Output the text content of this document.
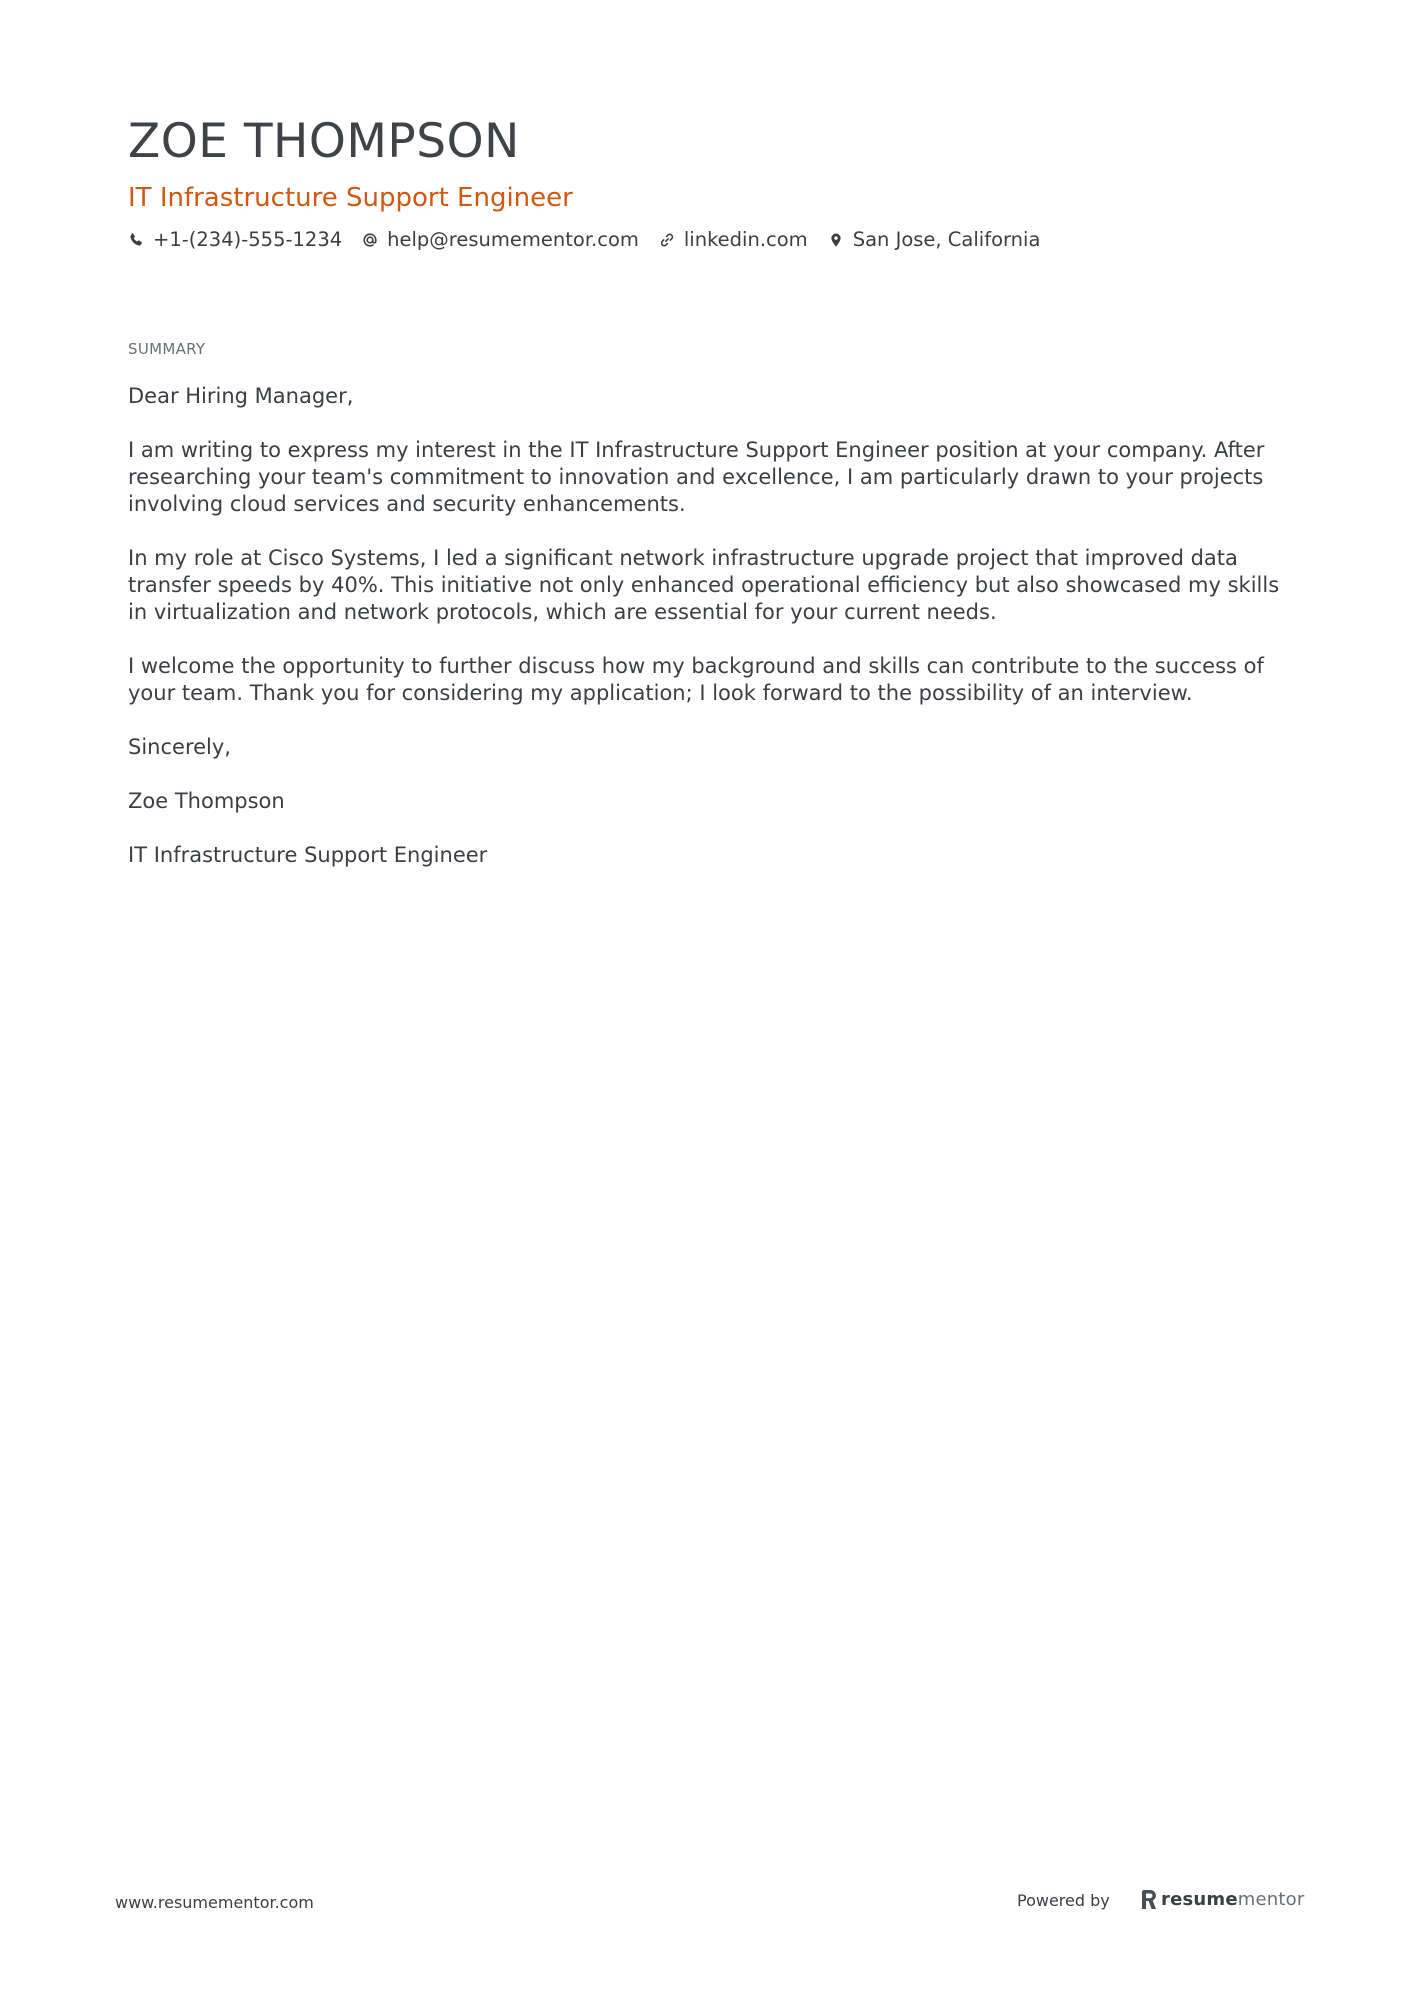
ZOE THOMPSON
IT Infrastructure Support Engineer
+1-(234)-555-1234 help@resumementor.com linkedin.com San Jose, California
SUMMARY

Dear Hiring Manager,

I am writing to express my interest in the IT Infrastructure Support Engineer position at your company. After researching your team's commitment to innovation and excellence, I am particularly drawn to your projects involving cloud services and security enhancements.

In my role at Cisco Systems, I led a significant network infrastructure upgrade project that improved data transfer speeds by 40%. This initiative not only enhanced operational efficiency but also showcased my skills in virtualization and network protocols, which are essential for your current needs.

I welcome the opportunity to further discuss how my background and skills can contribute to the success of your team. Thank you for considering my application; I look forward to the possibility of an interview.

Sincerely,

Zoe Thompson

IT Infrastructure Support Engineer

www.resumementor.com	Powered by	resumementor
